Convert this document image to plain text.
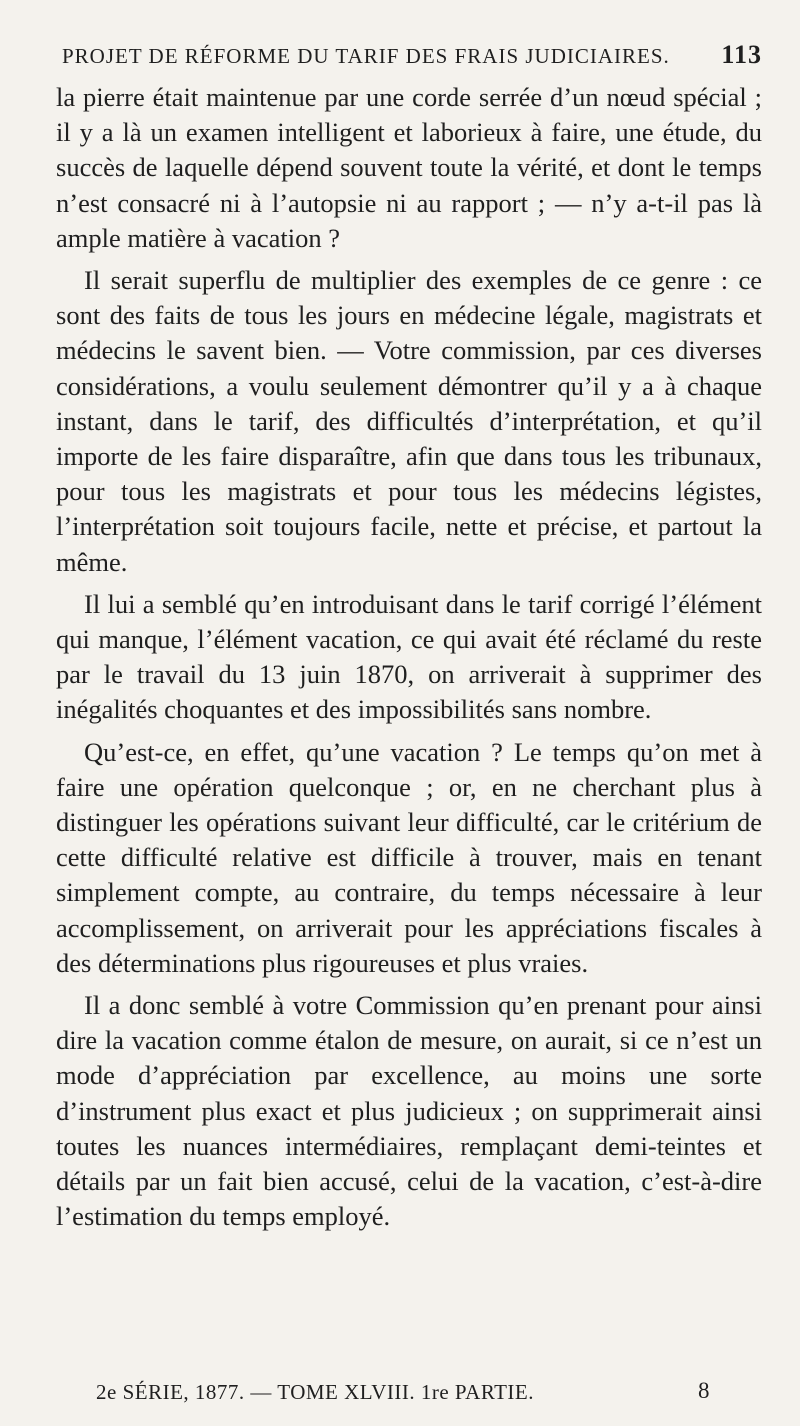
PROJET DE RÉFORME DU TARIF DES FRAIS JUDICIAIRES. 113

la pierre était maintenue par une corde serrée d’un nœud spécial ; il y a là un examen intelligent et laborieux à faire, une étude, du succès de laquelle dépend souvent toute la vérité, et dont le temps n’est consacré ni à l’autopsie ni au rapport ; — n’y a-t-il pas là ample matière à vacation ?

Il serait superflu de multiplier des exemples de ce genre : ce sont des faits de tous les jours en médecine légale, magistrats et médecins le savent bien. — Votre commission, par ces diverses considérations, a voulu seulement démontrer qu’il y a à chaque instant, dans le tarif, des difficultés d’interprétation, et qu’il importe de les faire disparaître, afin que dans tous les tribunaux, pour tous les magistrats et pour tous les médecins légistes, l’interprétation soit toujours facile, nette et précise, et partout la même.

Il lui a semblé qu’en introduisant dans le tarif corrigé l’élément qui manque, l’élément vacation, ce qui avait été réclamé du reste par le travail du 13 juin 1870, on arriverait à supprimer des inégalités choquantes et des impossibilités sans nombre.

Qu’est-ce, en effet, qu’une vacation ? Le temps qu’on met à faire une opération quelconque ; or, en ne cherchant plus à distinguer les opérations suivant leur difficulté, car le critérium de cette difficulté relative est difficile à trouver, mais en tenant simplement compte, au contraire, du temps nécessaire à leur accomplissement, on arriverait pour les appréciations fiscales à des déterminations plus rigoureuses et plus vraies.

Il a donc semblé à votre Commission qu’en prenant pour ainsi dire la vacation comme étalon de mesure, on aurait, si ce n’est un mode d’appréciation par excellence, au moins une sorte d’instrument plus exact et plus judicieux ; on supprimerait ainsi toutes les nuances intermédiaires, remplaçant demi-teintes et détails par un fait bien accusé, celui de la vacation, c’est-à-dire l’estimation du temps employé.

2e SÉRIE, 1877. — TOME XLVIII. 1re PARTIE.	8
